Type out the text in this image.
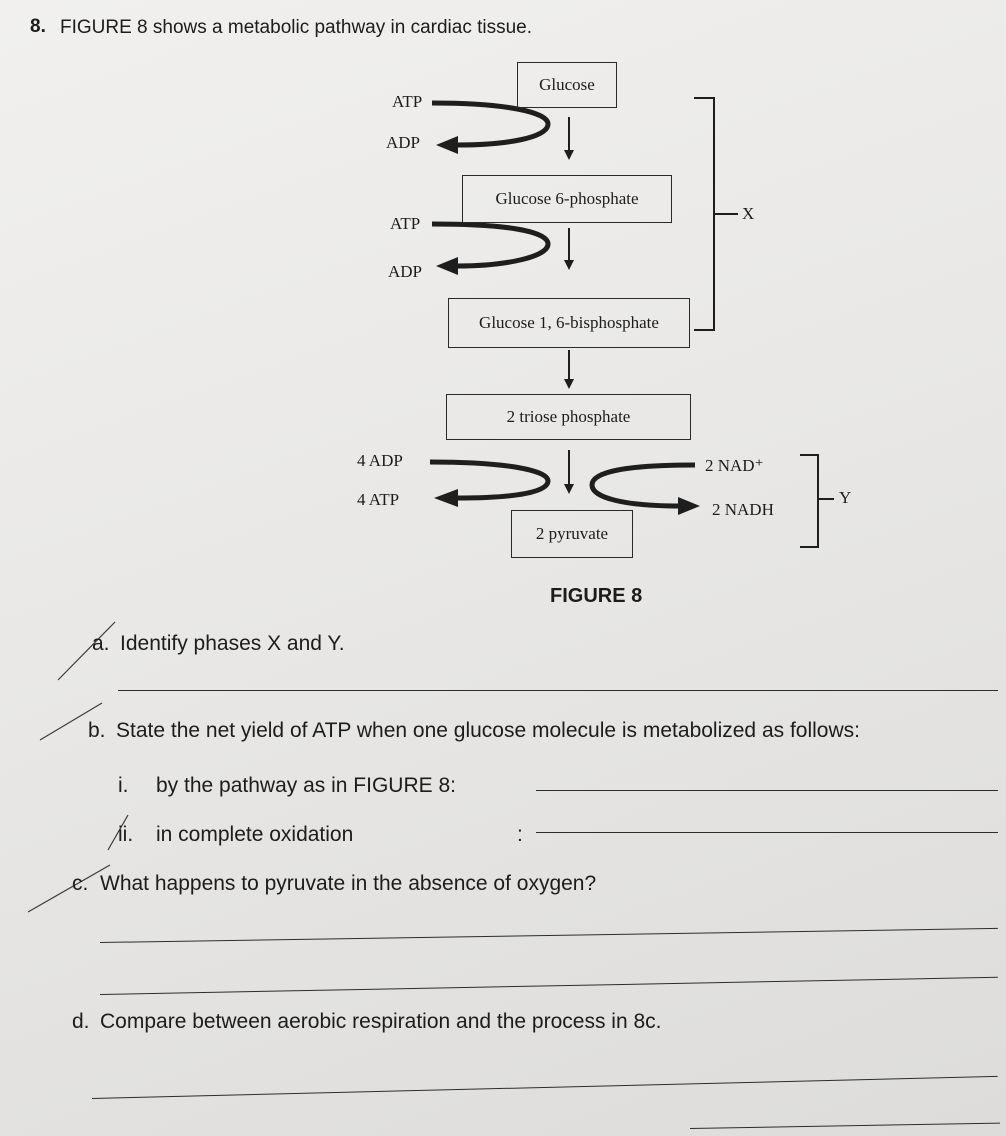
8. FIGURE 8 shows a metabolic pathway in cardiac tissue.
Glucose
Glucose 6-phosphate
Glucose 1, 6-bisphosphate
2 triose phosphate
2 pyruvate
ATP
ADP
ATP
ADP
4 ADP
4 ATP
2 NAD⁺
2 NADH
X
Y
FIGURE 8
a. Identify phases X and Y.
b. State the net yield of ATP when one glucose molecule is metabolized as follows:
i. by the pathway as in FIGURE 8:
ii. in complete oxidation	:
c. What happens to pyruvate in the absence of oxygen?
d. Compare between aerobic respiration and the process in 8c.
